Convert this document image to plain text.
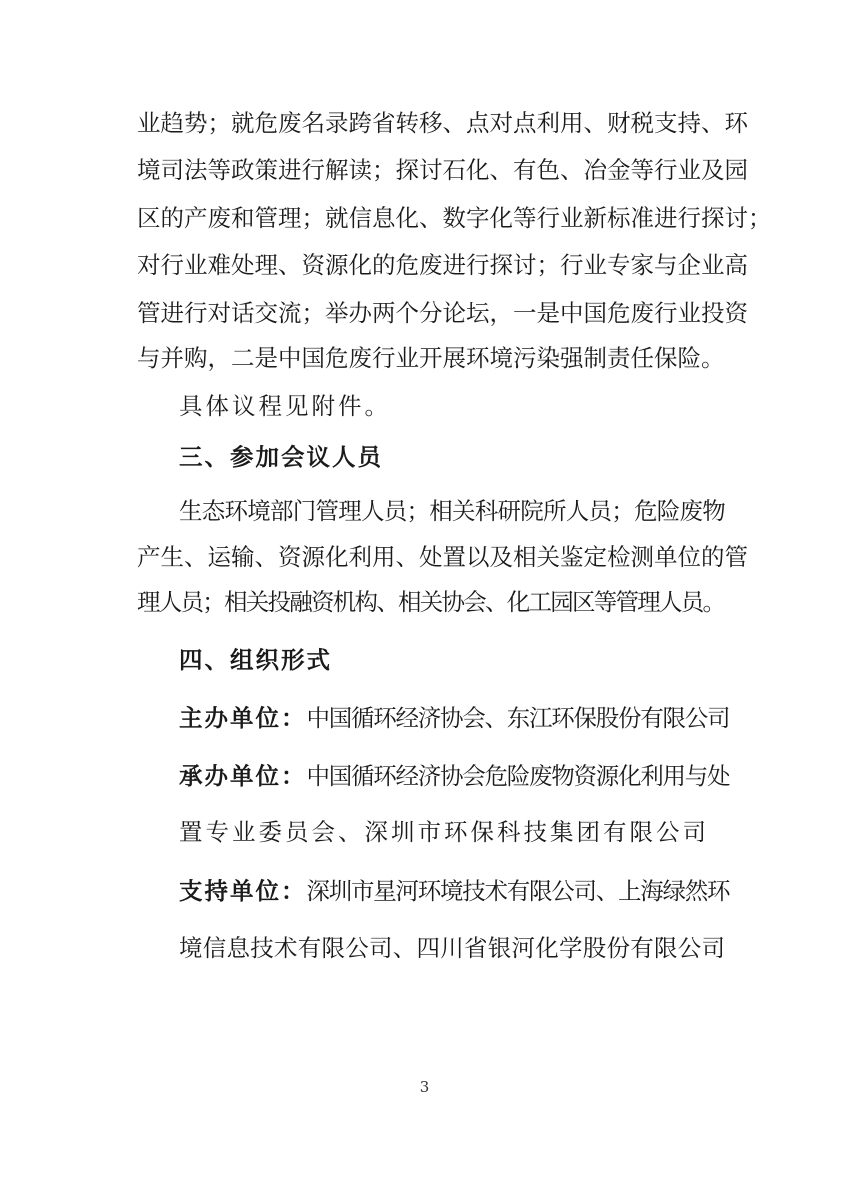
业趋势；就危废名录跨省转移、点对点利用、财税支持、环

境司法等政策进行解读；探讨石化、有色、冶金等行业及园

区的产废和管理；就信息化、数字化等行业新标准进行探讨；

对行业难处理、资源化的危废进行探讨；行业专家与企业高

管进行对话交流；举办两个分论坛，一是中国危废行业投资

与并购，二是中国危废行业开展环境污染强制责任保险。

具体议程见附件。

三、参加会议人员

生态环境部门管理人员；相关科研院所人员；危险废物

产生、运输、资源化利用、处置以及相关鉴定检测单位的管

理人员；相关投融资机构、相关协会、化工园区等管理人员。

四、组织形式

主办单位：中国循环经济协会、东江环保股份有限公司

承办单位：中国循环经济协会危险废物资源化利用与处

置专业委员会、深圳市环保科技集团有限公司

支持单位：深圳市星河环境技术有限公司、上海绿然环

境信息技术有限公司、四川省银河化学股份有限公司

3
